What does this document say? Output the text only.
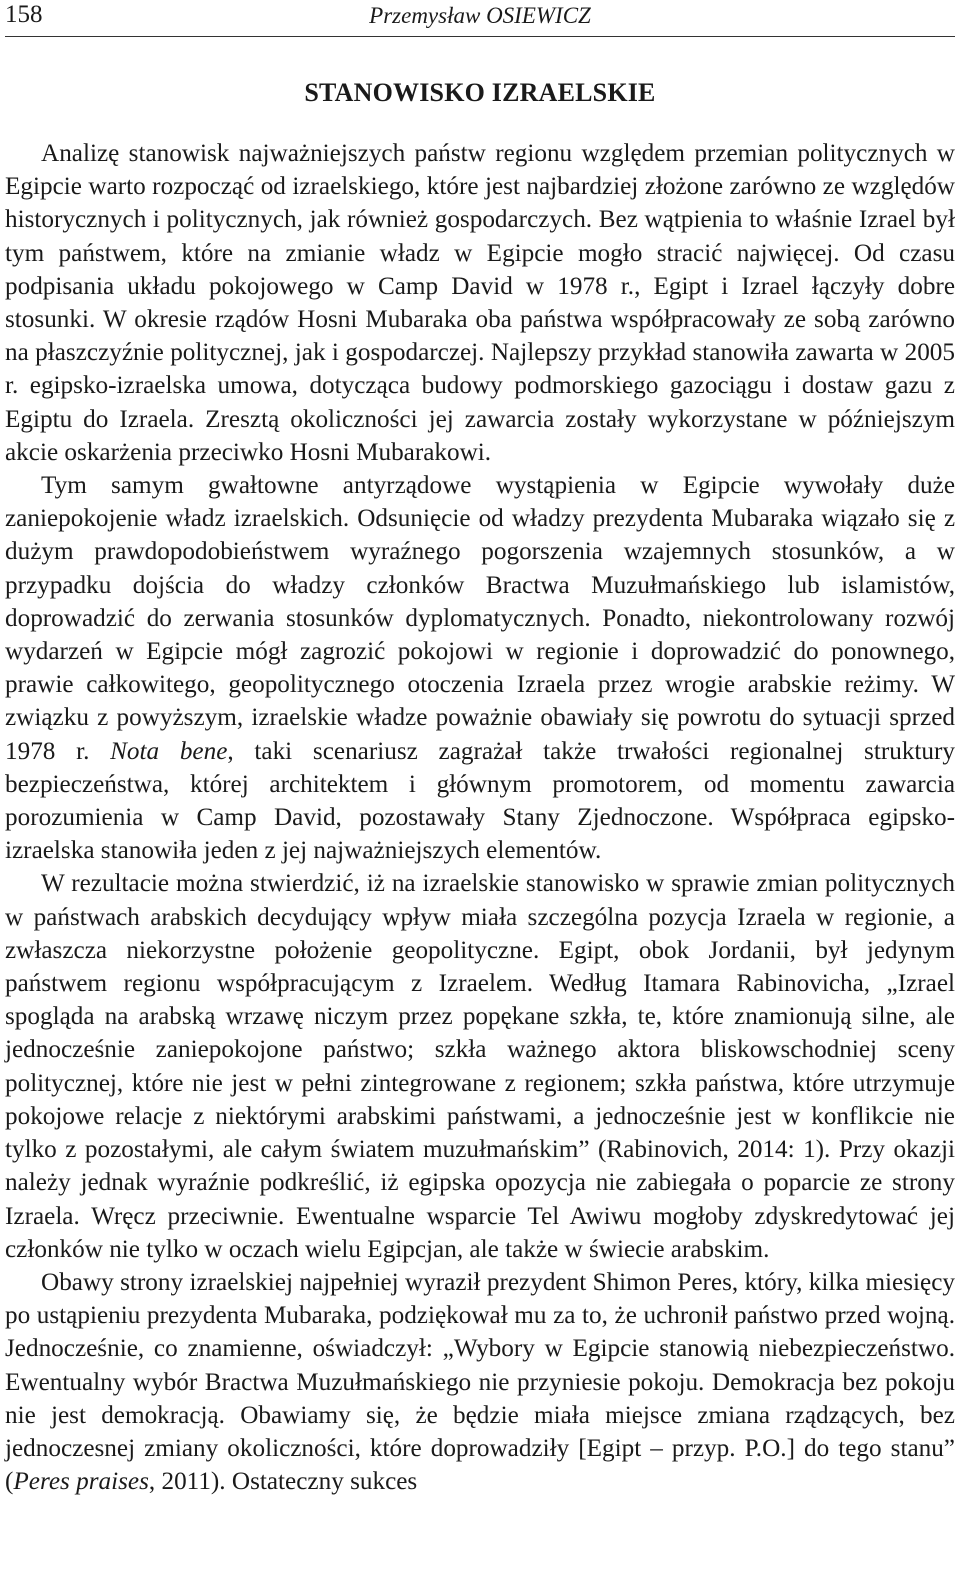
158	Przemysław OSIEWICZ
STANOWISKO IZRAELSKIE

Analizę stanowisk najważniejszych państw regionu względem przemian politycznych w Egipcie warto rozpocząć od izraelskiego, które jest najbardziej złożone zarówno ze względów historycznych i politycznych, jak również gospodarczych. Bez wątpienia to właśnie Izrael był tym państwem, które na zmianie władz w Egipcie mogło stracić najwięcej. Od czasu podpisania układu pokojowego w Camp David w 1978 r., Egipt i Izrael łączyły dobre stosunki. W okresie rządów Hosni Mubaraka oba państwa współpracowały ze sobą zarówno na płaszczyźnie politycznej, jak i gospodarczej. Najlepszy przykład stanowiła zawarta w 2005 r. egipsko-izraelska umowa, dotycząca budowy podmorskiego gazociągu i dostaw gazu z Egiptu do Izraela. Zresztą okoliczności jej zawarcia zostały wykorzystane w późniejszym akcie oskarżenia przeciwko Hosni Mubarakowi.

Tym samym gwałtowne antyrządowe wystąpienia w Egipcie wywołały duże zaniepokojenie władz izraelskich. Odsunięcie od władzy prezydenta Mubaraka wiązało się z dużym prawdopodobieństwem wyraźnego pogorszenia wzajemnych stosunków, a w przypadku dojścia do władzy członków Bractwa Muzułmańskiego lub islamistów, doprowadzić do zerwania stosunków dyplomatycznych. Ponadto, niekontrolowany rozwój wydarzeń w Egipcie mógł zagrozić pokojowi w regionie i doprowadzić do ponownego, prawie całkowitego, geopolitycznego otoczenia Izraela przez wrogie arabskie reżimy. W związku z powyższym, izraelskie władze poważnie obawiały się powrotu do sytuacji sprzed 1978 r. Nota bene, taki scenariusz zagrażał także trwałości regionalnej struktury bezpieczeństwa, której architektem i głównym promotorem, od momentu zawarcia porozumienia w Camp David, pozostawały Stany Zjednoczone. Współpraca egipsko-izraelska stanowiła jeden z jej najważniejszych elementów.

W rezultacie można stwierdzić, iż na izraelskie stanowisko w sprawie zmian politycznych w państwach arabskich decydujący wpływ miała szczególna pozycja Izraela w regionie, a zwłaszcza niekorzystne położenie geopolityczne. Egipt, obok Jordanii, był jedynym państwem regionu współpracującym z Izraelem. Według Itamara Rabinovicha, „Izrael spogląda na arabską wrzawę niczym przez popękane szkła, te, które znamionują silne, ale jednocześnie zaniepokojone państwo; szkła ważnego aktora bliskowschodniej sceny politycznej, które nie jest w pełni zintegrowane z regionem; szkła państwa, które utrzymuje pokojowe relacje z niektórymi arabskimi państwami, a jednocześnie jest w konflikcie nie tylko z pozostałymi, ale całym światem muzułmańskim” (Rabinovich, 2014: 1). Przy okazji należy jednak wyraźnie podkreślić, iż egipska opozycja nie zabiegała o poparcie ze strony Izraela. Wręcz przeciwnie. Ewentualne wsparcie Tel Awiwu mogłoby zdyskredytować jej członków nie tylko w oczach wielu Egipcjan, ale także w świecie arabskim.

Obawy strony izraelskiej najpełniej wyraził prezydent Shimon Peres, który, kilka miesięcy po ustąpieniu prezydenta Mubaraka, podziękował mu za to, że uchronił państwo przed wojną. Jednocześnie, co znamienne, oświadczył: „Wybory w Egipcie stanowią niebezpieczeństwo. Ewentualny wybór Bractwa Muzułmańskiego nie przyniesie pokoju. Demokracja bez pokoju nie jest demokracją. Obawiamy się, że będzie miała miejsce zmiana rządzących, bez jednoczesnej zmiany okoliczności, które doprowadziły [Egipt – przyp. P.O.] do tego stanu” (Peres praises, 2011). Ostateczny sukces
